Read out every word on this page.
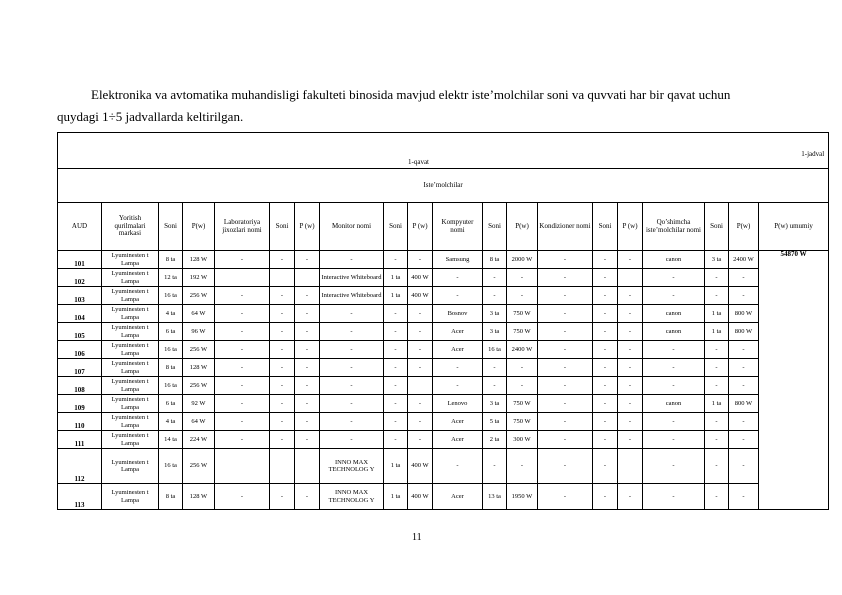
Elektronika va avtomatika muhandisligi fakulteti binosida mavjud elektr iste’molchilar soni va quvvati har bir qavat uchun

quydagi 1÷5 jadvallarda keltirilgan.
1-jadval
1-qavat																			

Iste’molchilar																			
AUD	Yoritish qurilmalari markasi	Soni	P(w)	Laboratoriya jixozlari nomi	Soni	P (w)	Monitor nomi	Soni	P (w)	Kompyuter nomi	Soni	P(w)	Kondizioner nomi	Soni	P (w)	Qo’shimcha iste’molchilar nomi	Soni	P(w)	P(w) umumiy
101	Lyuminesten t Lampa	8 ta	128 W	-	-	-	-	-	-	Samsung	8 ta	2000 W	-	-	-	canon	3 ta	2400 W	54870 W
102	Lyuminesten t Lampa	12 ta	192 W				Interactive Whiteboard	1 ta	400 W	-	-	-	-	-		-	-	-	
103	Lyuminesten t Lampa	16 ta	256 W	-	-	-	Interactive Whiteboard	1 ta	400 W	-	-	-	-	-	-	-	-	-	
104	Lyuminesten t Lampa	4 ta	64 W	-	-	-	-	-	-	Bosnov	3 ta	750 W	-	-	-	canon	1 ta	800 W	
105	Lyuminesten t Lampa	6 ta	96 W	-	-	-	-	-	-	Acer	3 ta	750 W	-	-	-	canon	1 ta	800 W	
106	Lyuminesten t Lampa	16 ta	256 W	-	-	-	-	-	-	Acer	16 ta	2400 W	-	-	-	-	-	-	
107	Lyuminesten t Lampa	8 ta	128 W	-	-	-	-	-	-	-	-	-	-	-	-	-	-	-	
108	Lyuminesten t Lampa	16 ta	256 W	-	-	-	-	-		-	-	-	-	-	-	-	-	-	
109	Lyuminesten t Lampa	6 ta	92 W	-	-	-	-	-	-	Lenovo	3 ta	750 W	-	-	-	canon	1 ta	800 W	
110	Lyuminesten t Lampa	4 ta	64 W	-	-	-	-	-	-	Acer	5 ta	750 W	-	-	-	-	-	-	
111	Lyuminesten t Lampa	14 ta	224 W	-	-	-	-	-	-	Acer	2 ta	300 W	-	-	-	-	-	-	
112	Lyuminesten t Lampa	16 ta	256 W				INNO MAX TECHNOLOG Y	1 ta	400 W	-	-	-	-	-		-	-	-	
113	Lyuminesten t Lampa	8 ta	128 W	-	-	-	INNO MAX TECHNOLOG Y	1 ta	400 W	Acer	13 ta	1950 W	-	-	-	-	-	-	
11
